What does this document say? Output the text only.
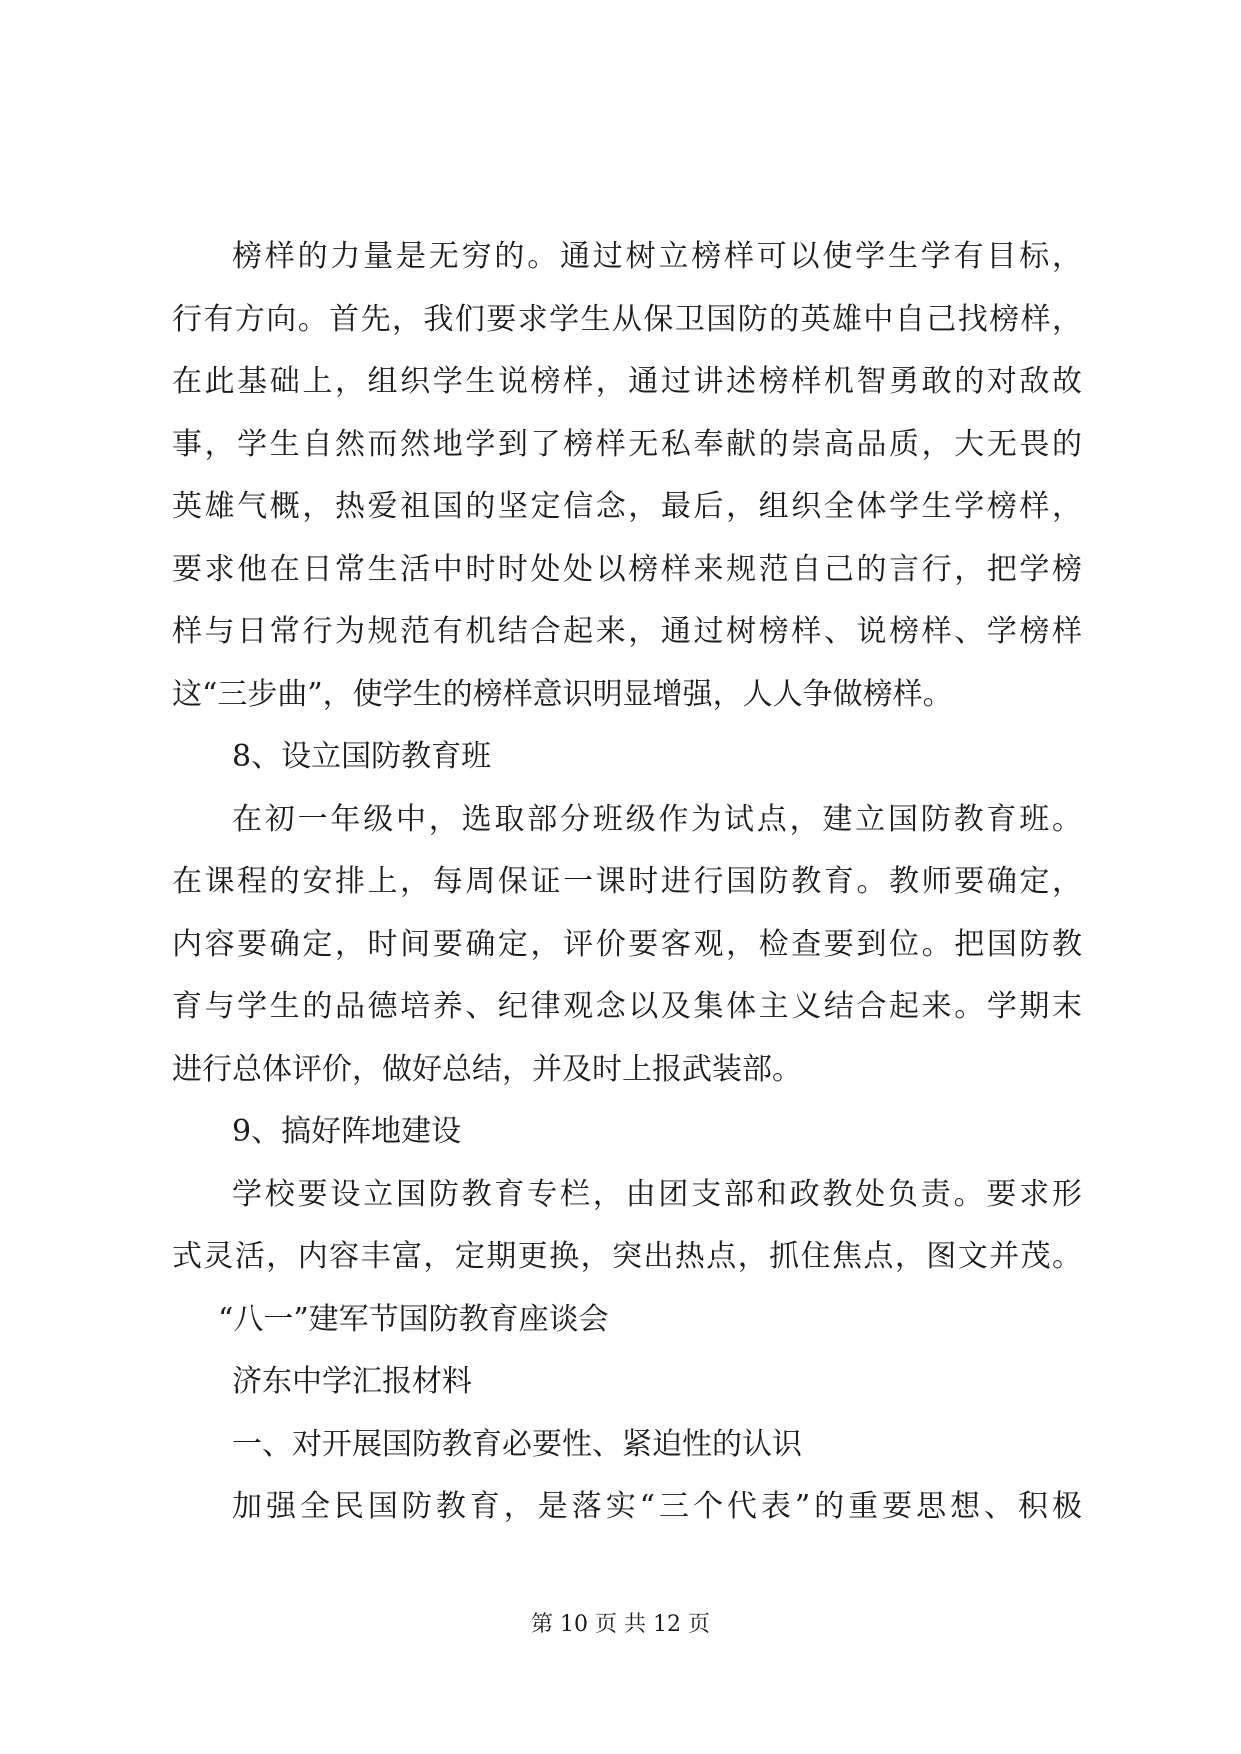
榜样的力量是无穷的。通过树立榜样可以使学生学有目标，
行有方向。首先，我们要求学生从保卫国防的英雄中自己找榜样，
在此基础上，组织学生说榜样，通过讲述榜样机智勇敢的对敌故
事，学生自然而然地学到了榜样无私奉献的崇高品质，大无畏的
英雄气概，热爱祖国的坚定信念，最后，组织全体学生学榜样，
要求他在日常生活中时时处处以榜样来规范自己的言行，把学榜
样与日常行为规范有机结合起来，通过树榜样、说榜样、学榜样
这“三步曲”，使学生的榜样意识明显增强，人人争做榜样。
8、设立国防教育班
在初一年级中，选取部分班级作为试点，建立国防教育班。
在课程的安排上，每周保证一课时进行国防教育。教师要确定，
内容要确定，时间要确定，评价要客观，检查要到位。把国防教
育与学生的品德培养、纪律观念以及集体主义结合起来。学期末
进行总体评价，做好总结，并及时上报武装部。
9、搞好阵地建设
学校要设立国防教育专栏，由团支部和政教处负责。要求形
式灵活，内容丰富，定期更换，突出热点，抓住焦点，图文并茂。
“八一”建军节国防教育座谈会
济东中学汇报材料
一、对开展国防教育必要性、紧迫性的认识
加强全民国防教育，是落实“三个代表”的重要思想、积极
第 10 页 共 12 页
